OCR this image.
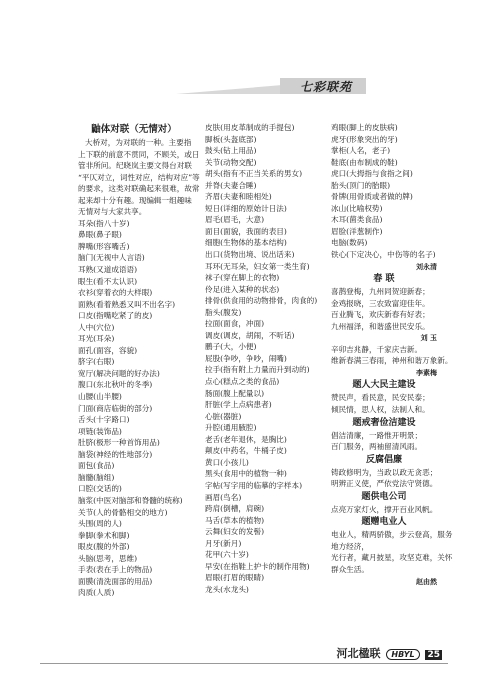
七彩联苑
鼬体对联（无情对）
大桥对，为对联的一种。主要指
上下联的前意不贯同，不顾关，或日
管非所问。纪晓岚主要文得台对联
“平仄对立，词性对应，结构对应”等
的要求，这类对联确起来很难，故常
起来却十分有趣。现编辑一组趣味
无情对与大家共享。
耳朵(指八十岁)
鼻眼(鼻子眼)
脾嘴(形容嘴舌)
脑门(无视中人言语)
耳熟(又道成语语)
眼生(看不太认识)
衣衫(穿着衣的大样眼)
面熟(看着熟悉又叫不出名字)
口皮(指嘴吃紧了的皮)
人中(穴位)
耳光(耳朵)
面孔(面容，容貌)
脐字(右眼)
宽厅(解决问题的好办法)
腹口(东北秋叶的冬季)
山腰(山半腰)
门面(商店临街的部分)
舌头(十字路口)
项链(装饰品)
肚脐(极形一种首饰用品)
脑袋(神经的性地部分)
面包(食品)
脑髓(脑组)
口腔(交话的)
脑浆(中医对脑部和脊髓的统称)
关节(人的骨骼相交的地方)
头围(周的人)
拳脚(拳术和脚)
眼皮(腹的外部)
头脑(思考，思维)
手表(表在手上的物品)
面膜(清洗面部的用品)
肉质(人质)
皮肤(用皮革制成的手提包)
脚板(头盔底部)
鼓头(钻上用品)
关节(动物交配)
胡头(指有不正当关系的男女)
并脊(夫妻合睡)
齐眉(夫妻和睦相处)
短日(详细的原始计日法)
眉毛(眉毛，大意)
面目(面貌，我面的表目)
细胞(生物体的基本结构)
出口(货物出境、说出话来)
耳环(无耳朵，妇女第一类生育)
袜子(穿在脚上的衣物)
伶足(进入某种的状态)
排骨(供食用的动物排骨，肉食的)
脂头(腹发)
拉面(面食，冲面)
调皮(调皮，胡闹，不听话)
鹏子(大，小便)
屁股(争吵，争吵，闹嘴)
拉手(指有附上力量而升到动的)
点心(糕点之类的食品)
肠面(腹上配量以)
肝脏(学上点病患者)
心脏(器脏)
升腔(通用腋腔)
老舌(老年退休，是胸比)
颠皮(中药名，牛桶子皮)
黄口(小孩儿)
黑头(食用中的植物一种)
字帖(写字用的临摹的字样本)
画眉(鸟名)
跨肩(倒槽，肩碗)
马舌(草本的植物)
云舞(妇女的发髻)
月牙(新月)
花甲(六十岁)
早安(在指鞋上护卡的制作用物)
眉眼(打眉的眼睛)
龙头(水龙头)
鸡眼(脚上的皮肤病)
虎牙(形象突出的牙)
掌柜(人名，老子)
鞋底(由布制成的鞋)
虎口(大拇指与食指之间)
胎头(顶门的胎眼)
骨牌(用骨质或者做的牌)
冰山(比喻权势)
木耳(菌类食品)
眉脸(洋葱制作)
电脑(数码)
铁心(下定决心，中伤等的名子)
刘永清
春 联
喜鹊登梅，九州同贺迎新春；
金鸡报晓，三农致富迎佳年。
百业腾飞，欢庆新春有好表；
九州福泽，和谐盛世民安乐。
刘 玉
辛卯吉兆静，千家庆吉新。
维新春满三春雨，神州和谐万象新。
李素梅
题人大民主建设
赞民声，看民意，民安民泰；
倾民情，思人权，法制人和。
题戒奢俭洁建设
倡洁清廉，一路惟开明景；
百门服务，两袖留清风雨。
反腐倡廉
铸政修明为，当政以政无贪恶；
明辨正义使，严依党法守贤德。
题供电公司
点亮万家灯火，撑开百业风帆。
题赠电业人
电业人，精两骄傲，步云登高，服务
地方经济，
光行者，藏月披星，攻坚克难，关怀
群众生活。
赵由然
河北楹联 HBYL 25
